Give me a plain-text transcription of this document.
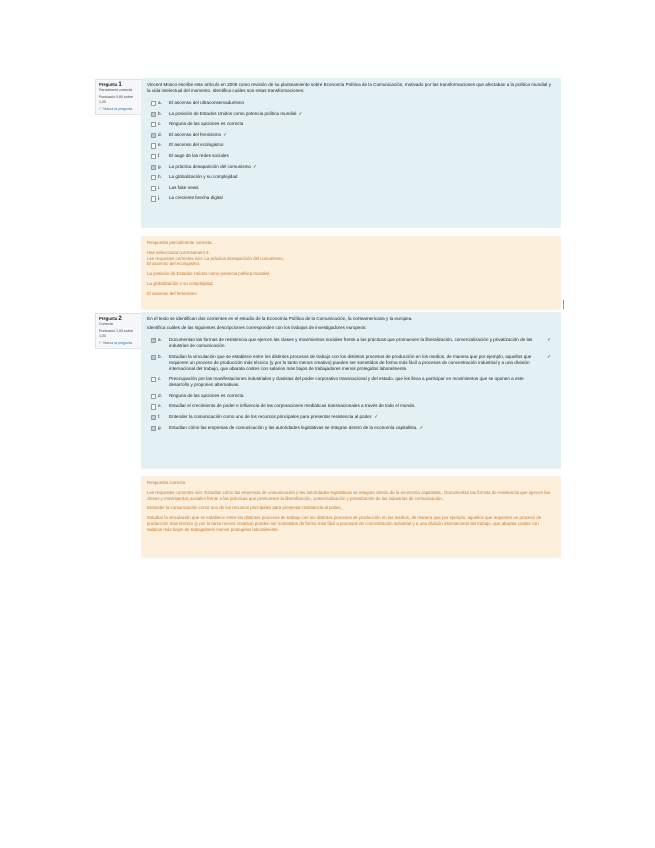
Pregunta 1
Parcialment correcta
Puntuació 0,60 sobre 1,00
⚐ Marca la pregunta
Vincent Mosco escribe este artículo en 2006 como revisión de su planteamiento sobre Economía Política de la Comunicación, motivado por las transformaciones que afectaban a la política mundial y la vida intelectual del momento. Identifica cuáles son estas transformaciones:
a. El ascenso del ultraconservadurismo
b. La posición de Estados Unidos como potencia política mundial ✓
c. Ninguna de las opciones es correcta
d. El ascenso del feminismo ✓
e. El ascenso del ecologismo
f. El auge de las redes sociales
g. La práctica desaparición del comunismo ✓
h. La globalización y su complejidad
i. Las fake news
j. La creciente brecha digital

Respuesta parcialmente correcta.

Has seleccionat correctament 3.

Les respostes correctes són: La práctica desaparición del comunismo,

El ascenso del ecologismo,

La posición de Estados Unidos como potencia política mundial,

La globalización y su complejidad,

El ascenso del feminismo

Pregunta 2
Correcta
Puntuació 1,00 sobre 1,00
⚐ Marca la pregunta
En el texto se identifican dos corrientes en el estudio de la Economía Política de la Comunicación, la norteamericana y la europea.
Identifica cuáles de las siguientes descripciones corresponden con los trabajos de investigadores europeos:
a. Documentan las formas de resistencia que ejercen las clases y movimientos sociales frente a las prácticas que promueven la liberalización, comercialización y privatización de las industrias de comunicación.
✓
b. Estudian la vinculación que se establece entre los distintos procesos de trabajo con los distintos procesos de producción en los medios, de manera que por ejemplo, aquellos que requieren un proceso de producción más técnico (y por lo tanto menos creativo) pueden ser sometidos de forma más fácil a procesos de concentración industrial y a una división internacional del trabajo, que abarata costes con salarios más bajos de trabajadores menos protegidos laboralmente.
✓
c. Preocupación por las manifestaciones industriales y clasistas del poder corporativo transnacional y del estado, que les lleva a participar en movimientos que se oponen a este desarrollo y proponen alternativas.
d. Ninguna de las opciones es correcta.
e. Estudiar el crecimiento de poder e influencia de las corporaciones mediáticas transnacionales a través de todo el mundo.
f. Entender la comunicación como uno de los recursos principales para presentar resistencia al poder. ✓
g. Estudian cómo las empresas de comunicación y las autoridades legislativas se integran dentro de la economía capitalista. ✓

Respuesta correcta

Les respostes correctes són: Estudian cómo las empresas de comunicación y las autoridades legislativas se integran dentro de la economía capitalista., Documentan las formas de resistencia que ejercen las clases y movimientos sociales frente a las prácticas que promueven la liberalización, comercialización y privatización de las industrias de comunicación.,

Entender la comunicación como uno de los recursos principales para presentar resistencia al poder.,

Estudiar la vinculación que se establece entre los distintos procesos de trabajo con los distintos procesos de producción en los medios, de manera que por ejemplo, aquellos que requieren un proceso de producción más técnico (y por lo tanto menos creativo) pueden ser sometidos de forma más fácil a procesos de concentración industrial y a una división internacional del trabajo, que abarata costes con salarios más bajos de trabajadores menos protegidos laboralmente.
